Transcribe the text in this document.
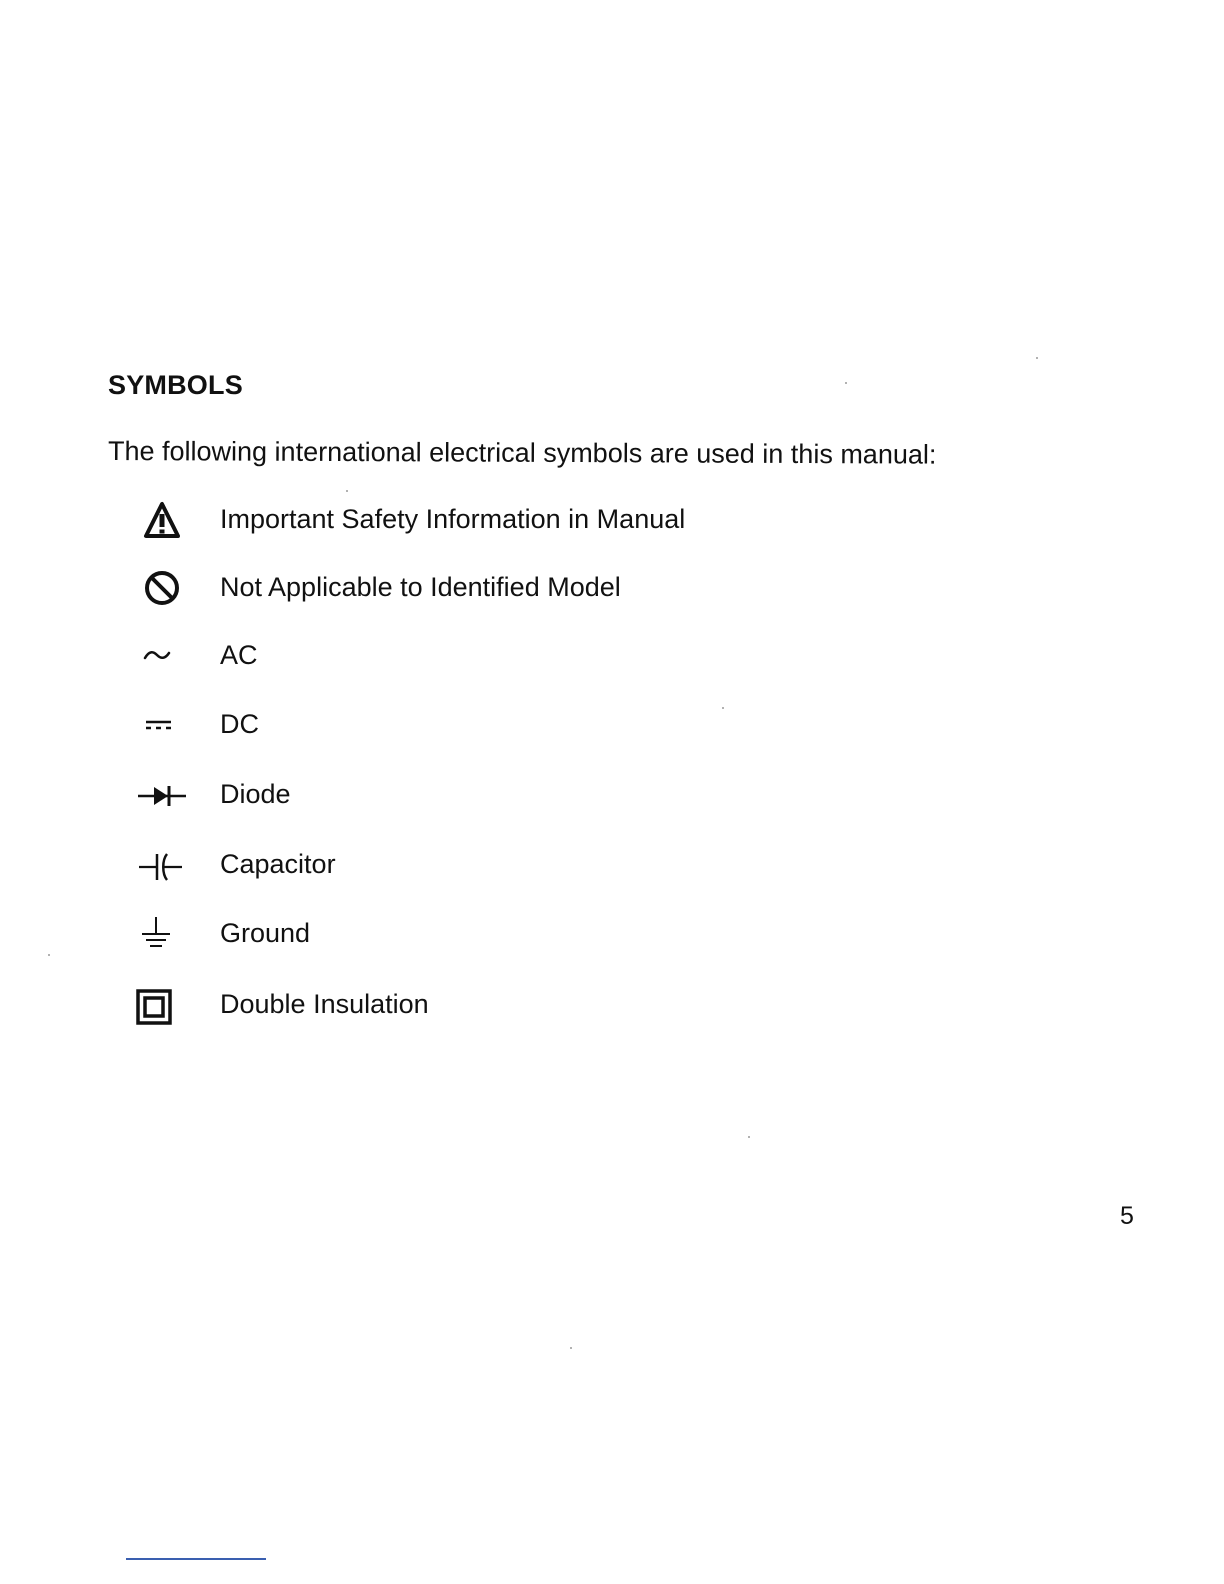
SYMBOLS
The following international electrical symbols are used in this manual:
Important Safety Information in Manual
Not Applicable to Identified Model
AC
DC
Diode
Capacitor
Ground
Double Insulation
5
